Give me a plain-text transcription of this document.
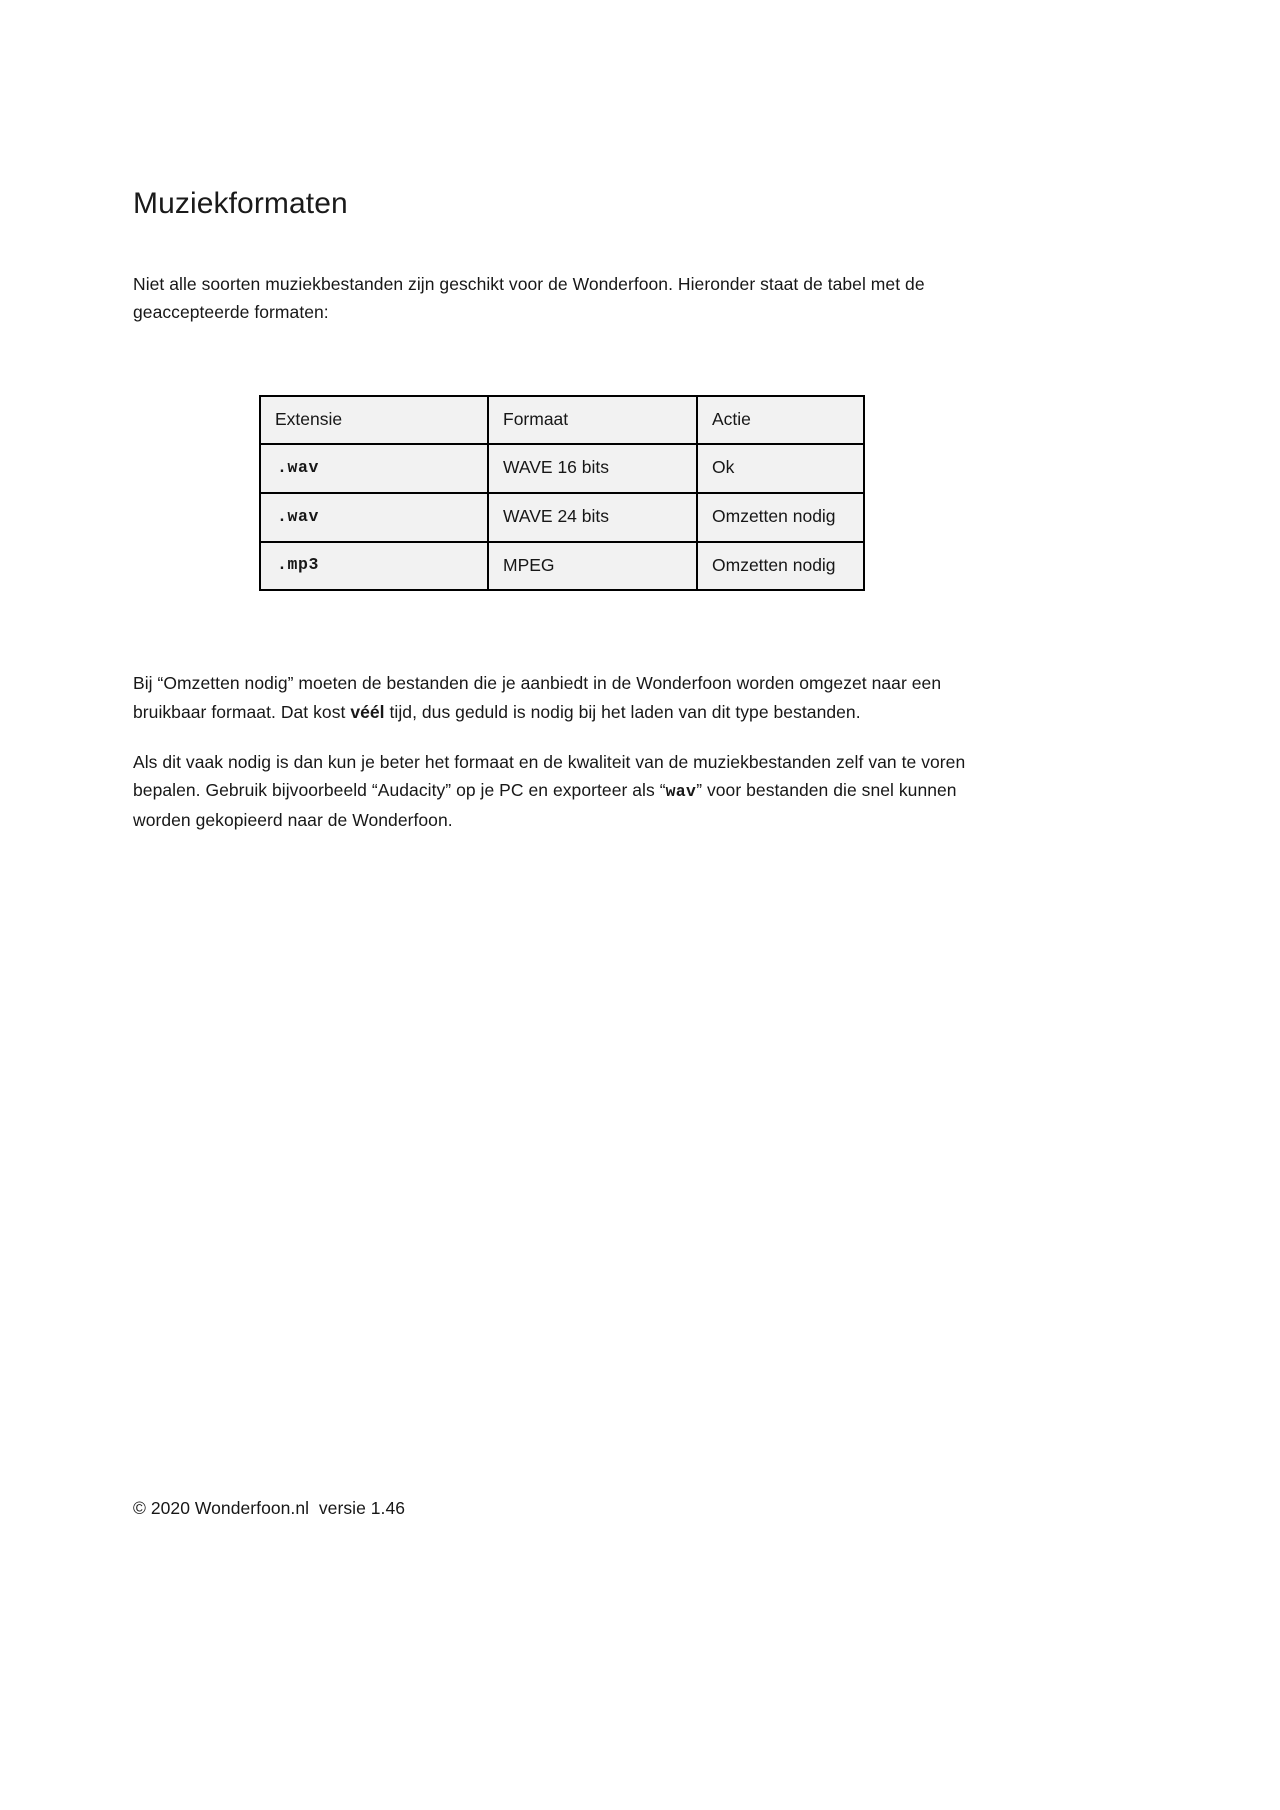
Muziekformaten

Niet alle soorten muziekbestanden zijn geschikt voor de Wonderfoon. Hieronder staat de tabel met de geaccepteerde formaten:

Extensie	Formaat	Actie
.wav	WAVE 16 bits	Ok
.wav	WAVE 24 bits	Omzetten nodig
.mp3	MPEG	Omzetten nodig

Bij “Omzetten nodig” moeten de bestanden die je aanbiedt in de Wonderfoon worden omgezet naar een bruikbaar formaat. Dat kost véél tijd, dus geduld is nodig bij het laden van dit type bestanden.

Als dit vaak nodig is dan kun je beter het formaat en de kwaliteit van de muziekbestanden zelf van te voren bepalen. Gebruik bijvoorbeeld “Audacity” op je PC en exporteer als “wav” voor bestanden die snel kunnen worden gekopieerd naar de Wonderfoon.

© 2020 Wonderfoon.nl  versie 1.46
